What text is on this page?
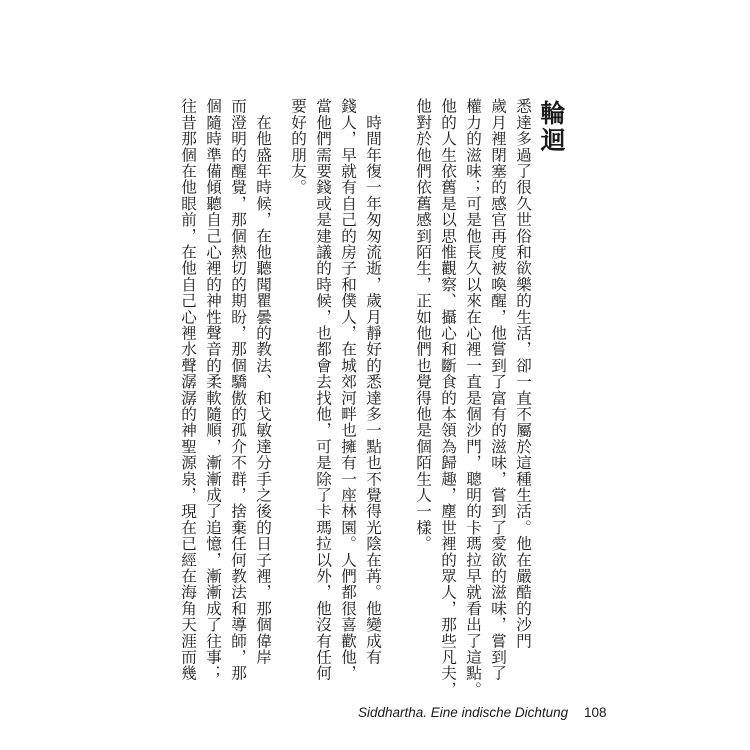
輪迴
悉達多過了很久世俗和欲樂的生活，卻一直不屬於這種生活。他在嚴酷的沙門
歲月裡閉塞的感官再度被喚醒，他嘗到了富有的滋味，嘗到了愛欲的滋味，嘗到了
權力的滋味；可是他長久以來在心裡一直是個沙門，聰明的卡瑪拉早就看出了這點。
他的人生依舊是以思惟觀察、攝心和斷食的本領為歸趣，塵世裡的眾人，那些凡夫，
他對於他們依舊感到陌生，正如他們也覺得他是個陌生人一樣。
　時間年復一年匆匆流逝，歲月靜好的悉達多一點也不覺得光陰在苒。他變成有
錢人，早就有自己的房子和僕人，在城郊河畔也擁有一座林園。人們都很喜歡他，
當他們需要錢或是建議的時候，也都會去找他，可是除了卡瑪拉以外，他沒有任何
要好的朋友。
　在他盛年時候，在他聽聞瞿曇的教法、和戈敏達分手之後的日子裡，那個偉岸
而澄明的醒覺，那個熱切的期盼，那個驕傲的孤介不群，捨棄任何教法和導師，那
個隨時準備傾聽自己心裡的神性聲音的柔軟隨順，漸漸成了追憶，漸漸成了往事；
往昔那個在他眼前，在他自己心裡水聲潺潺的神聖源泉，現在已經在海角天涯而幾
Siddhartha. Eine indische Dichtung 108
